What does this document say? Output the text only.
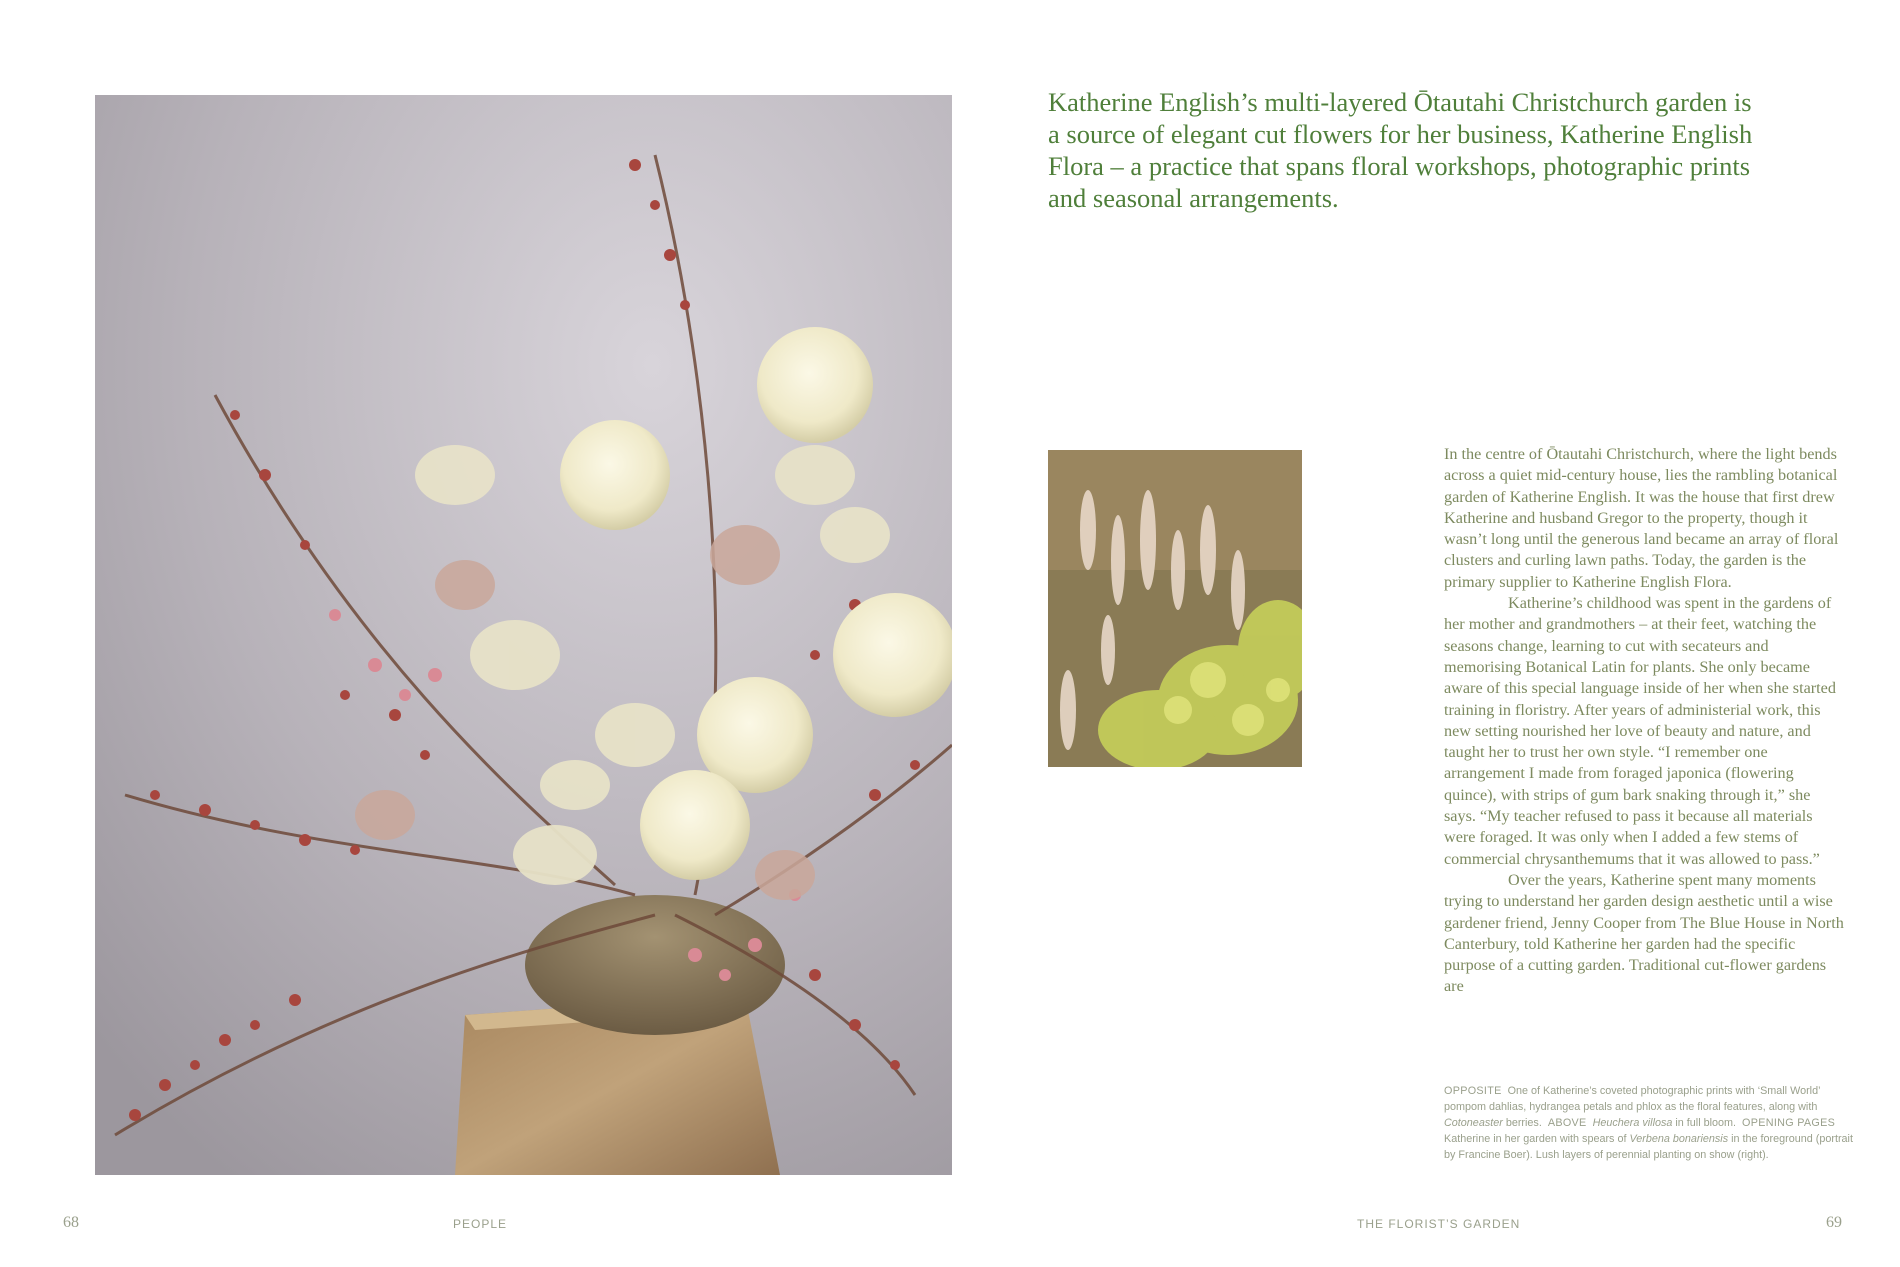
Katherine English’s multi-layered Ōtautahi Christchurch garden is a source of elegant cut flowers for her business, Katherine English Flora – a practice that spans floral workshops, photographic prints and seasonal arrangements.

In the centre of Ōtautahi Christchurch, where the light bends across a quiet mid-century house, lies the rambling botanical garden of Katherine English. It was the house that first drew Katherine and husband Gregor to the property, though it wasn’t long until the generous land became an array of floral clusters and curling lawn paths. Today, the garden is the primary supplier to Katherine English Flora.

Katherine’s childhood was spent in the gardens of her mother and grandmothers – at their feet, watching the seasons change, learning to cut with secateurs and memorising Botanical Latin for plants. She only became aware of this special language inside of her when she started training in floristry. After years of administerial work, this new setting nourished her love of beauty and nature, and taught her to trust her own style. “I remember one arrangement I made from foraged japonica (flowering quince), with strips of gum bark snaking through it,” she says. “My teacher refused to pass it because all materials were foraged. It was only when I added a few stems of commercial chrysanthemums that it was allowed to pass.”

Over the years, Katherine spent many moments trying to understand her garden design aesthetic until a wise gardener friend, Jenny Cooper from The Blue House in North Canterbury, told Katherine her garden had the specific purpose of a cutting garden. Traditional cut-flower gardens are

OPPOSITE One of Katherine’s coveted photographic prints with ‘Small World’ pompom dahlias, hydrangea petals and phlox as the floral features, along with Cotoneaster berries. ABOVE Heuchera villosa in full bloom. OPENING PAGES  Katherine in her garden with spears of Verbena bonariensis in the foreground (portrait by Francine Boer). Lush layers of perennial planting on show (right).
68	PEOPLE	THE FLORIST’S GARDEN	69
